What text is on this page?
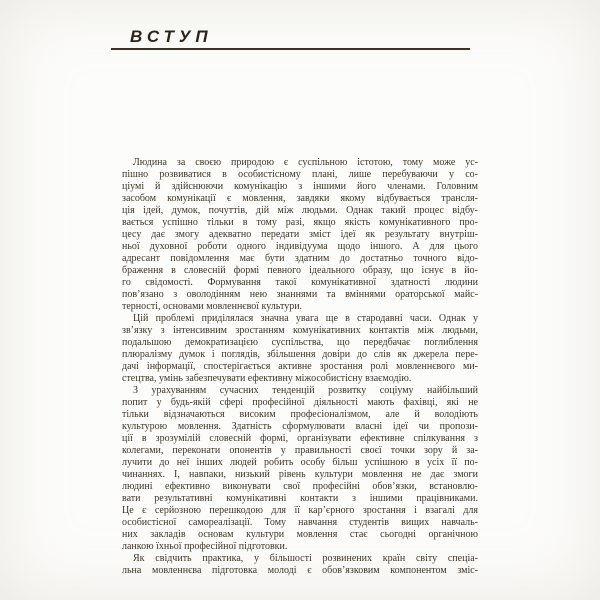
ВСТУП
Людина за своєю природою є суспільною істотою, тому може ус-
пішно розвиватися в особистісному плані, лише перебуваючи у со-
ціумі й здійснюючи комунікацію з іншими його членами. Головним
засобом комунікації є мовлення, завдяки якому відбувається трансля-
ція ідей, думок, почуттів, дій між людьми. Однак такий процес відбу-
вається успішно тільки в тому разі, якщо якість комунікативного про-
цесу дає змогу адекватно передати зміст ідеї як результату внутріш-
ньої духовної роботи одного індивідуума щодо іншого. А для цього
адресант повідомлення має бути здатним до достатньо точного відо-
браження в словесній формі певного ідеального образу, що існує в йо-
го свідомості. Формування такої комунікативної здатності людини
пов’язано з оволодінням нею знаннями та вміннями ораторської майс-
терності, основами мовленнєвої культури.
Цій проблемі приділялася значна увага ще в стародавні часи. Однак у
зв’язку з інтенсивним зростанням комунікативних контактів між людьми,
подальшою демократизацією суспільства, що передбачає поглиблення
плюралізму думок і поглядів, збільшення довіри до слів як джерела пере-
дачі інформації, спостерігається активне зростання ролі мовленнєвого ми-
стецтва, умінь забезпечувати ефективну міжособистісну взаємодію.
З урахуванням сучасних тенденцій розвитку соціуму найбільший
попит у будь-якій сфері професійної діяльності мають фахівці, які не
тільки відзначаються високим професіоналізмом, але й володіють
культурою мовлення. Здатність сформулювати власні ідеї чи пропози-
ції в зрозумілій словесній формі, організувати ефективне спілкування з
колегами, переконати опонентів у правильності своєї точки зору й за-
лучити до неї інших людей робить особу більш успішною в усіх її по-
чинаннях. І, навпаки, низький рівень культури мовлення не дає змоги
людині ефективно виконувати свої професійні обов’язки, встановлю-
вати результативні комунікативні контакти з іншими працівниками.
Це є серйозною перешкодою для її кар’єрного зростання і взагалі для
особистісної самореалізації. Тому навчання студентів вищих навчаль-
них закладів основам культури мовлення стає сьогодні органічною
ланкою їхньої професійної підготовки.
Як свідчить практика, у більшості розвинених країн світу спеціа-
льна мовленнєва підготовка молоді є обов’язковим компонентом зміс-
